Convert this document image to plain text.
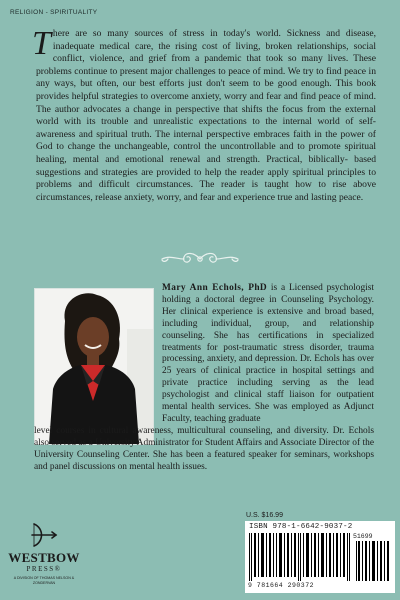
RELIGION - SPIRITUALITY
There are so many sources of stress in today's world. Sickness and disease, inadequate medical care, the rising cost of living, broken relationships, social conflict, violence, and grief from a pandemic that took so many lives. These problems continue to present major challenges to peace of mind. We try to find peace in any ways, but often, our best efforts just don't seem to be good enough. This book provides helpful strategies to overcome anxiety, worry and fear and find peace of mind. The author advocates a change in perspective that shifts the focus from the external world with its trouble and unrealistic expectations to the internal world of self- awareness and spiritual truth. The internal perspective embraces faith in the power of God to change the unchangeable, control the uncontrollable and to promote spiritual healing, mental and emotional renewal and strength. Practical, biblically- based suggestions and strategies are provided to help the reader apply spiritual principles to problems and difficult circumstances. The reader is taught how to rise above circumstances, release anxiety, worry, and fear and experience true and lasting peace.
Mary Ann Echols, PhD is a Licensed psychologist holding a doctoral degree in Counseling Psychology. Her clinical experience is extensive and broad based, including individual, group, and relationship counseling. She has certifications in specialized treatments for post-traumatic stress disorder, trauma processing, anxiety, and depression. Dr. Echols has over 25 years of clinical practice in hospital settings and private practice including serving as the lead psychologist and clinical staff liaison for outpatient mental health services. She was employed as Adjunct Faculty, teaching graduate
level courses in cultural awareness, multicultural counseling, and diversity. Dr. Echols also served as a University Administrator for Student Affairs and Associate Director of the University Counseling Center. She has been a featured speaker for seminars, workshops and panel discussions on mental health issues.
U.S. $16.99
ISBN 978-1-6642-9037-2
9 781664 290372
51699
WESTBOW
PRESS®
A DIVISION OF THOMAS NELSON & ZONDERVAN
